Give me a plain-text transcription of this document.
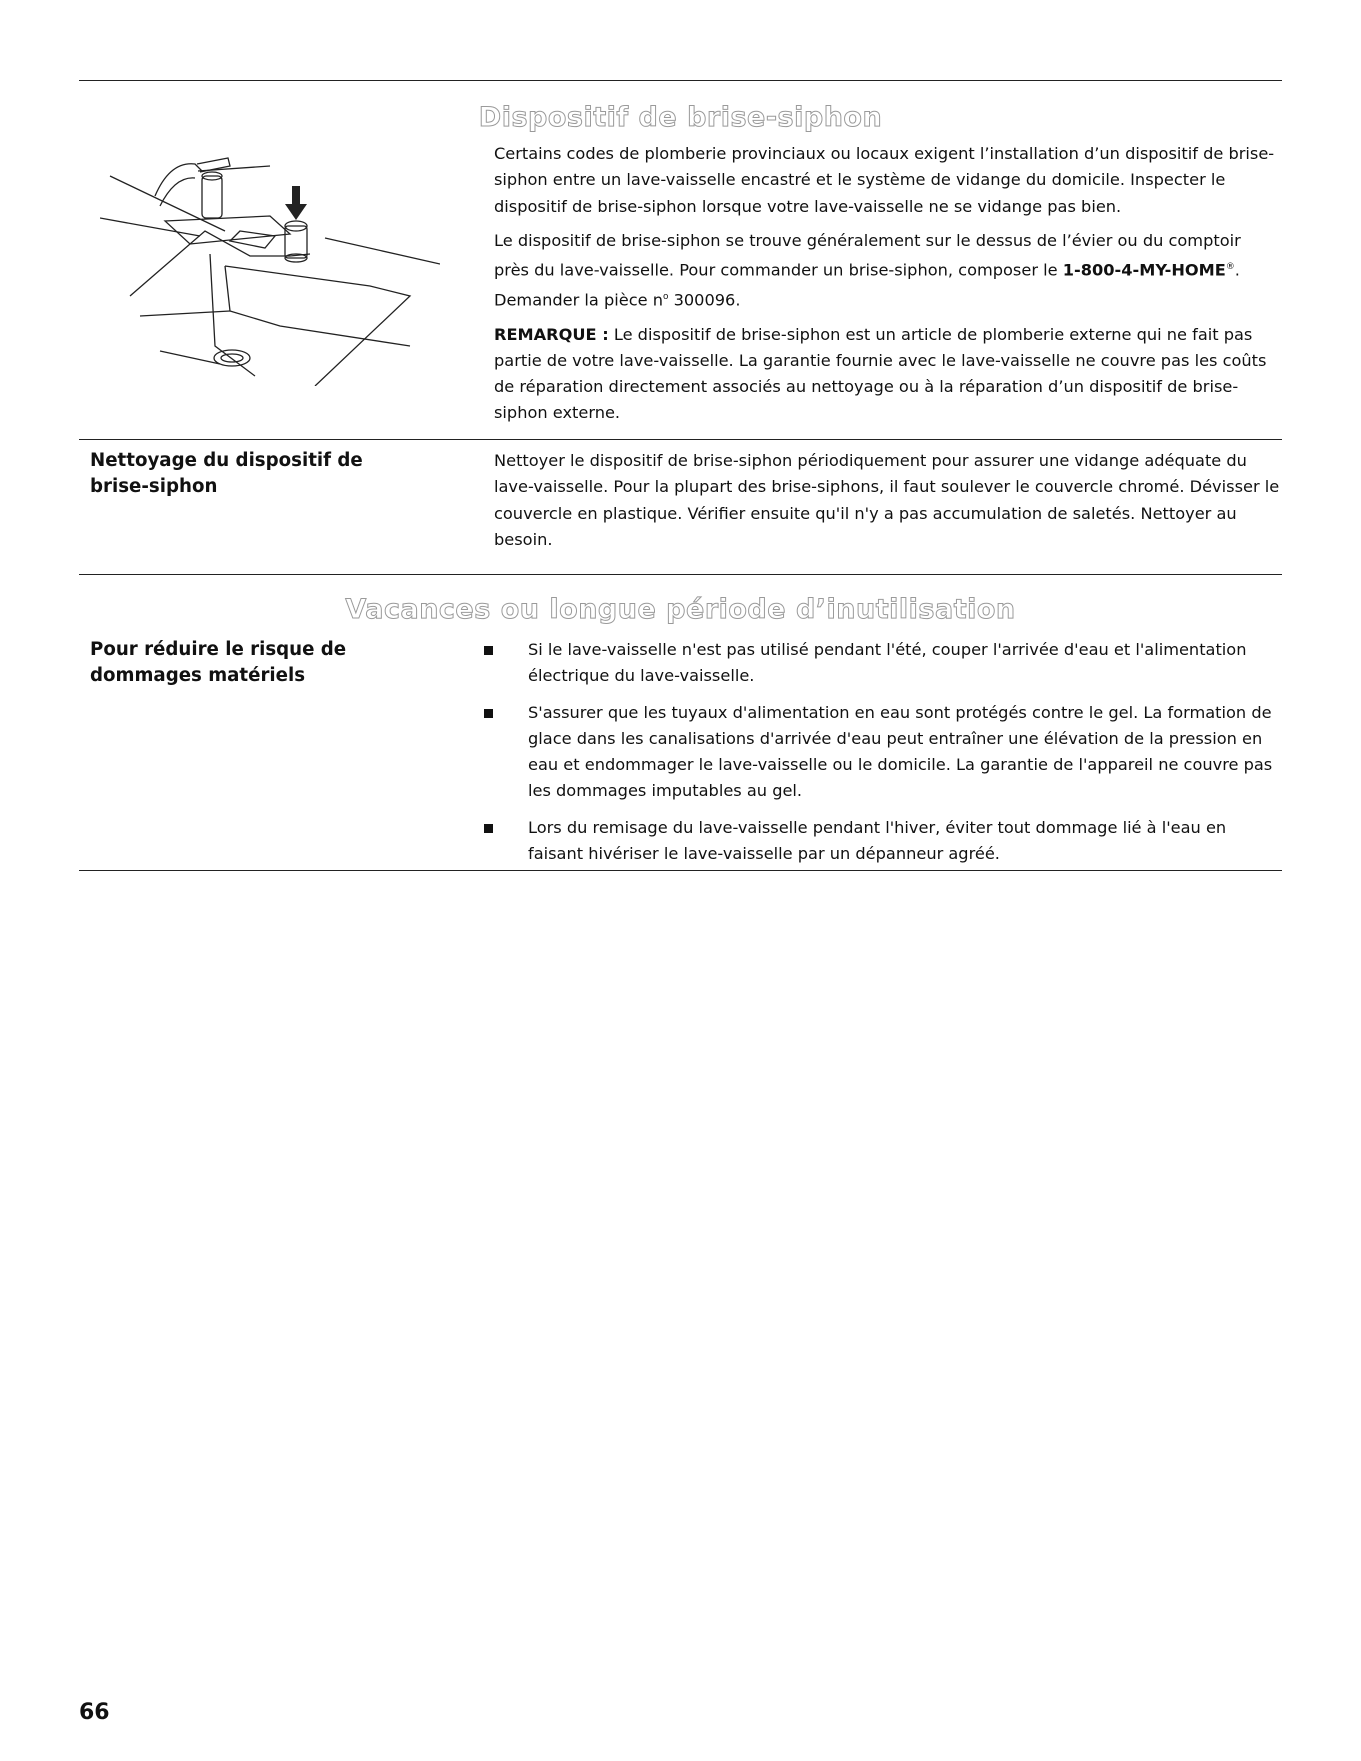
Dispositif de brise-siphon

Certains codes de plomberie provinciaux ou locaux exigent l’installation d’un dispositif de brise-siphon entre un lave-vaisselle encastré et le système de vidange du domicile. Inspecter le dispositif de brise-siphon lorsque votre lave-vaisselle ne se vidange pas bien.

Le dispositif de brise-siphon se trouve généralement sur le dessus de l’évier ou du comptoir près du lave-vaisselle. Pour commander un brise-siphon, composer le 1-800-4-MY-HOME®. Demander la pièce $n^o$ 300096.

REMARQUE : Le dispositif de brise-siphon est un article de plomberie externe qui ne fait pas partie de votre lave-vaisselle. La garantie fournie avec le lave-vaisselle ne couvre pas les coûts de réparation directement associés au nettoyage ou à la réparation d’un dispositif de brise-siphon externe.

Nettoyage du dispositif de brise-siphon
Nettoyer le dispositif de brise-siphon périodiquement pour assurer une vidange adéquate du lave-vaisselle. Pour la plupart des brise-siphons, il faut soulever le couvercle chromé. Dévisser le couvercle en plastique. Vérifier ensuite qu'il n'y a pas accumulation de saletés. Nettoyer au besoin.
Vacances ou longue période d’inutilisation
Pour réduire le risque de dommages matériels
Si le lave-vaisselle n'est pas utilisé pendant l'été, couper l'arrivée d'eau et l'alimentation électrique du lave-vaisselle.
S'assurer que les tuyaux d'alimentation en eau sont protégés contre le gel. La formation de glace dans les canalisations d'arrivée d'eau peut entraîner une élévation de la pression en eau et endommager le lave-vaisselle ou le domicile. La garantie de l'appareil ne couvre pas les dommages imputables au gel.
Lors du remisage du lave-vaisselle pendant l'hiver, éviter tout dommage lié à l'eau en faisant hivériser le lave-vaisselle par un dépanneur agréé.
66
